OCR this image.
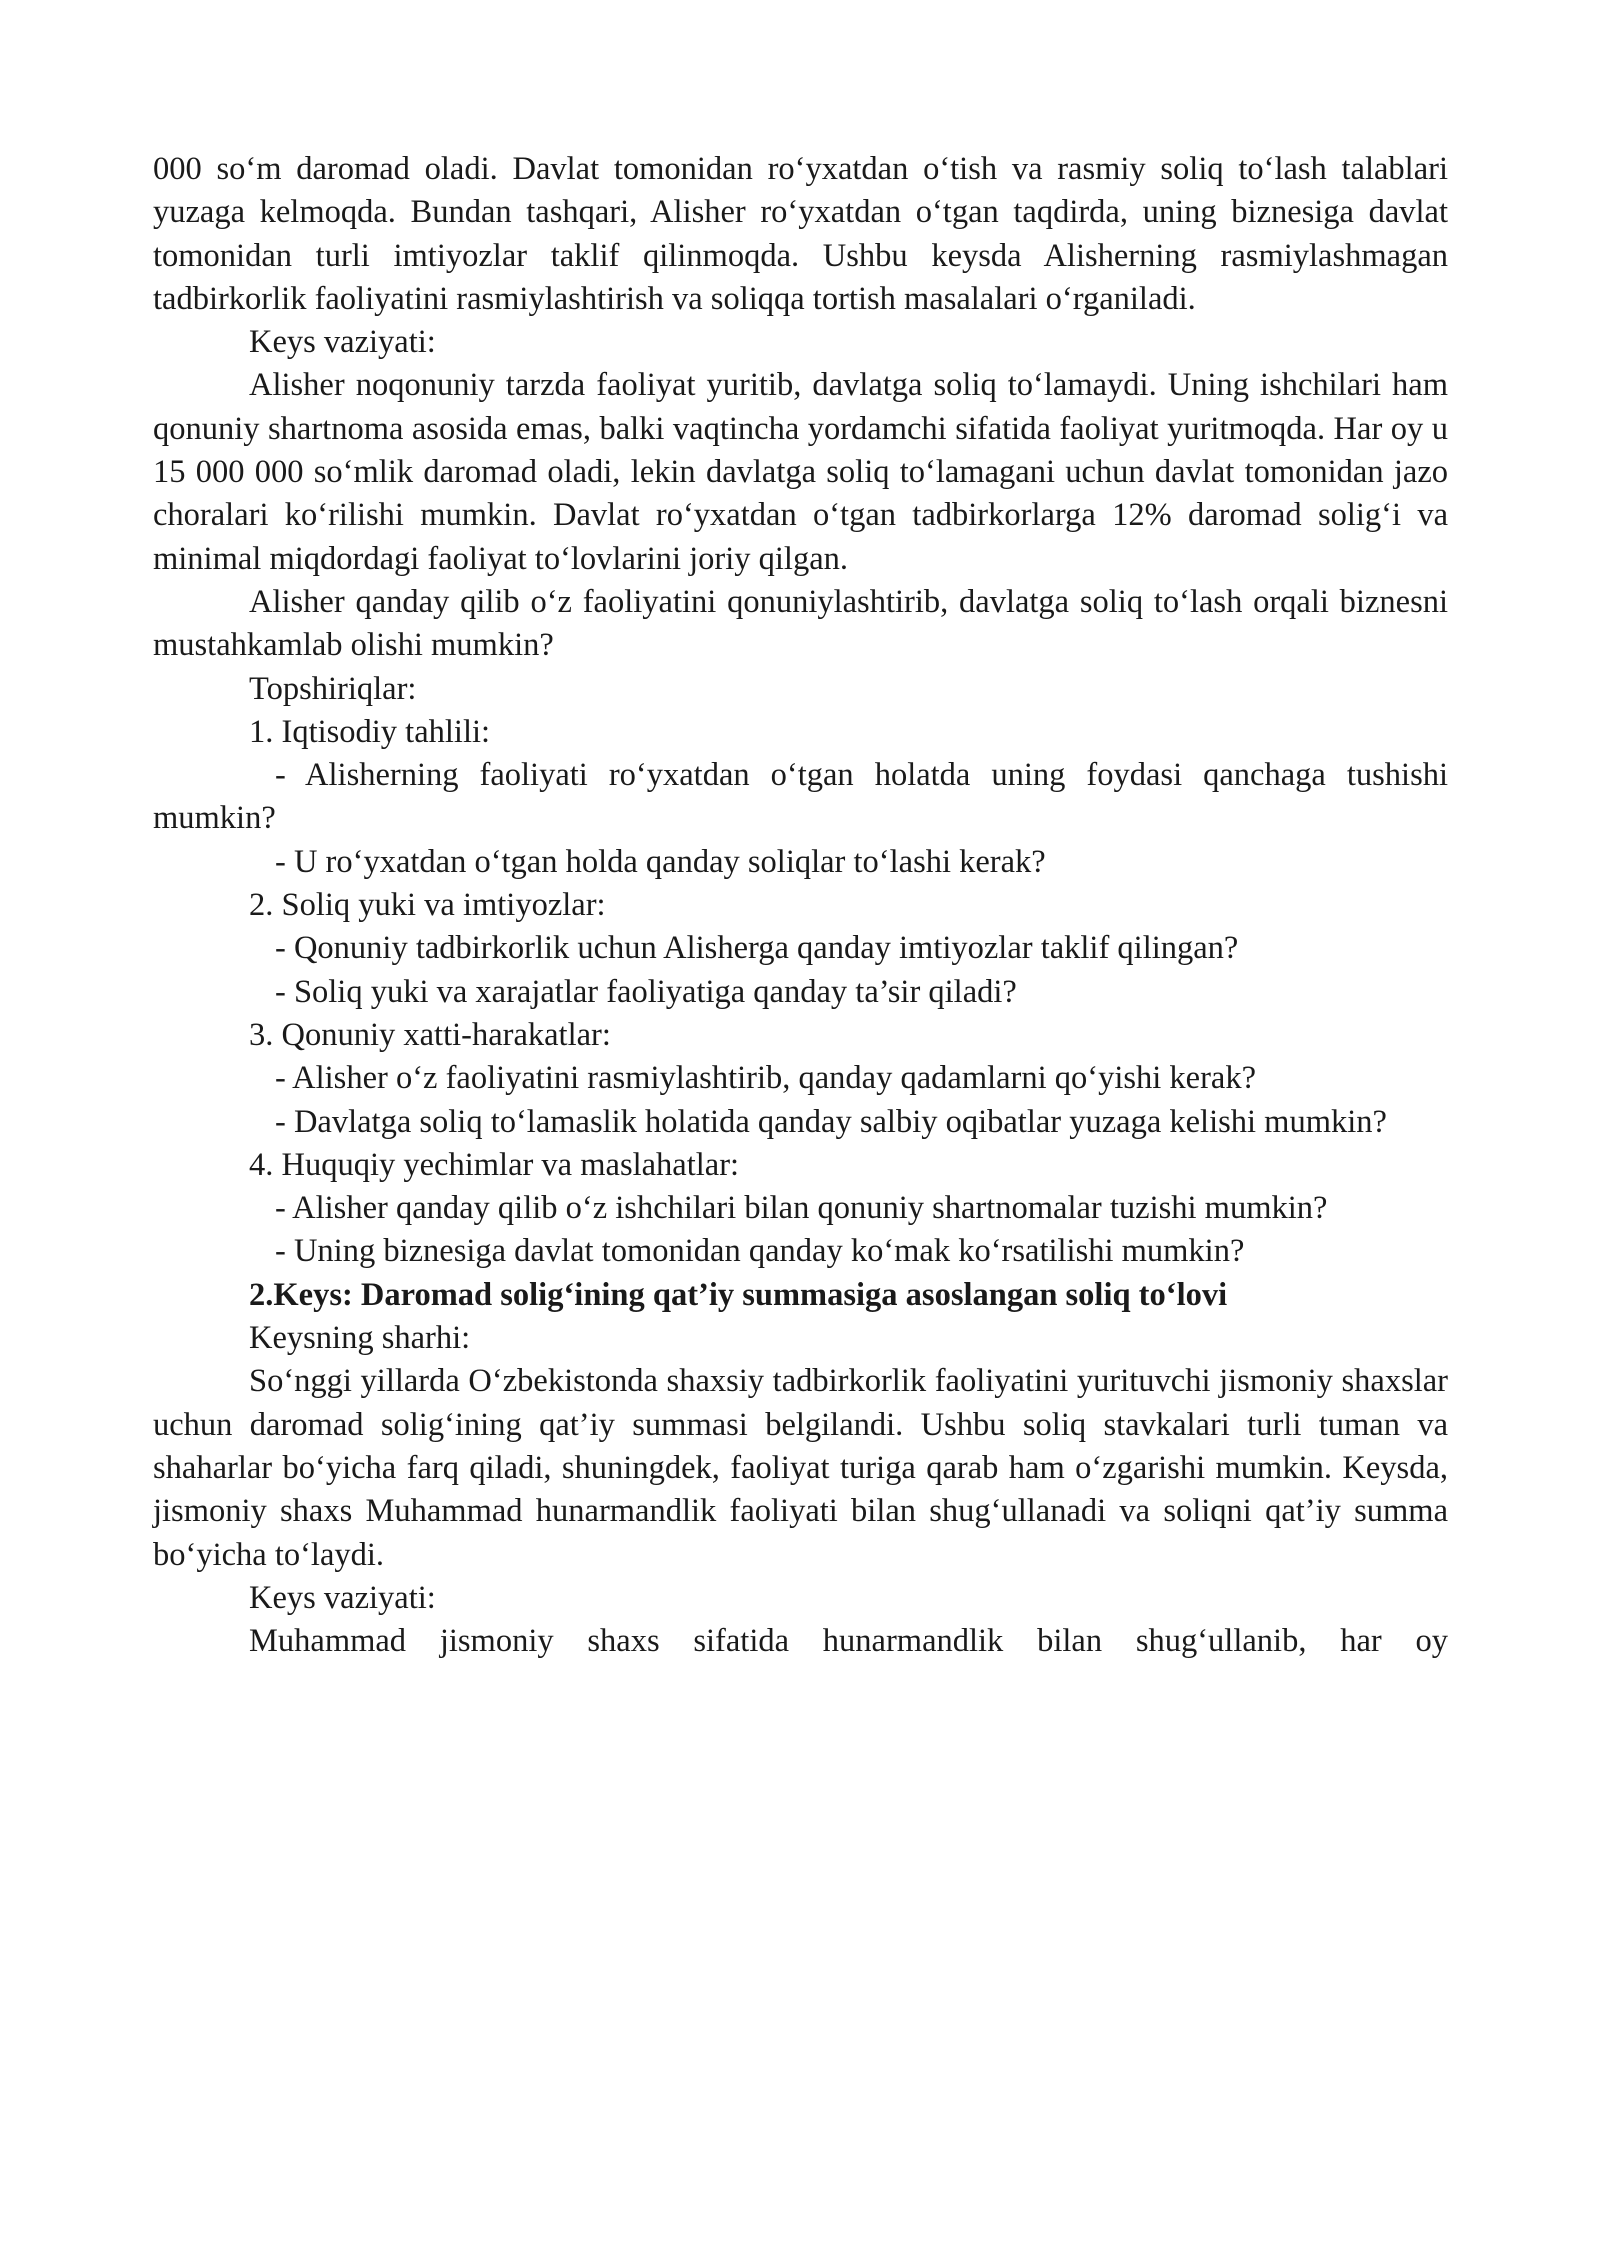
000 so‘m daromad oladi. Davlat tomonidan ro‘yxatdan o‘tish va rasmiy soliq to‘lash talablari yuzaga kelmoqda. Bundan tashqari, Alisher ro‘yxatdan o‘tgan taqdirda, uning biznesiga davlat tomonidan turli imtiyozlar taklif qilinmoqda. Ushbu keysda Alisherning rasmiylashmagan tadbirkorlik faoliyatini rasmiylashtirish va soliqqa tortish masalalari o‘rganiladi.

Keys vaziyati:

Alisher noqonuniy tarzda faoliyat yuritib, davlatga soliq to‘lamaydi. Uning ishchilari ham qonuniy shartnoma asosida emas, balki vaqtincha yordamchi sifatida faoliyat yuritmoqda. Har oy u 15 000 000 so‘mlik daromad oladi, lekin davlatga soliq to‘lamagani uchun davlat tomonidan jazo choralari ko‘rilishi mumkin. Davlat ro‘yxatdan o‘tgan tadbirkorlarga 12% daromad solig‘i va minimal miqdordagi faoliyat to‘lovlarini joriy qilgan.

Alisher qanday qilib o‘z faoliyatini qonuniylashtirib, davlatga soliq to‘lash orqali biznesni mustahkamlab olishi mumkin?

Topshiriqlar:

1. Iqtisodiy tahlili:

- Alisherning faoliyati ro‘yxatdan o‘tgan holatda uning foydasi qanchaga tushishi mumkin?

- U ro‘yxatdan o‘tgan holda qanday soliqlar to‘lashi kerak?

2. Soliq yuki va imtiyozlar:

- Qonuniy tadbirkorlik uchun Alisherga qanday imtiyozlar taklif qilingan?

- Soliq yuki va xarajatlar faoliyatiga qanday ta’sir qiladi?

3. Qonuniy xatti-harakatlar:

- Alisher o‘z faoliyatini rasmiylashtirib, qanday qadamlarni qo‘yishi kerak?

- Davlatga soliq to‘lamaslik holatida qanday salbiy oqibatlar yuzaga kelishi mumkin?

4. Huquqiy yechimlar va maslahatlar:

- Alisher qanday qilib o‘z ishchilari bilan qonuniy shartnomalar tuzishi mumkin?

- Uning biznesiga davlat tomonidan qanday ko‘mak ko‘rsatilishi mumkin?

2.Keys: Daromad solig‘ining qat’iy summasiga asoslangan soliq to‘lovi

Keysning sharhi:

So‘nggi yillarda O‘zbekistonda shaxsiy tadbirkorlik faoliyatini yurituvchi jismoniy shaxslar uchun daromad solig‘ining qat’iy summasi belgilandi. Ushbu soliq stavkalari turli tuman va shaharlar bo‘yicha farq qiladi, shuningdek, faoliyat turiga qarab ham o‘zgarishi mumkin. Keysda, jismoniy shaxs Muhammad hunarmandlik faoliyati bilan shug‘ullanadi va soliqni qat’iy summa bo‘yicha to‘laydi.

Keys vaziyati:

Muhammad jismoniy shaxs sifatida hunarmandlik bilan shug‘ullanib, har oy
